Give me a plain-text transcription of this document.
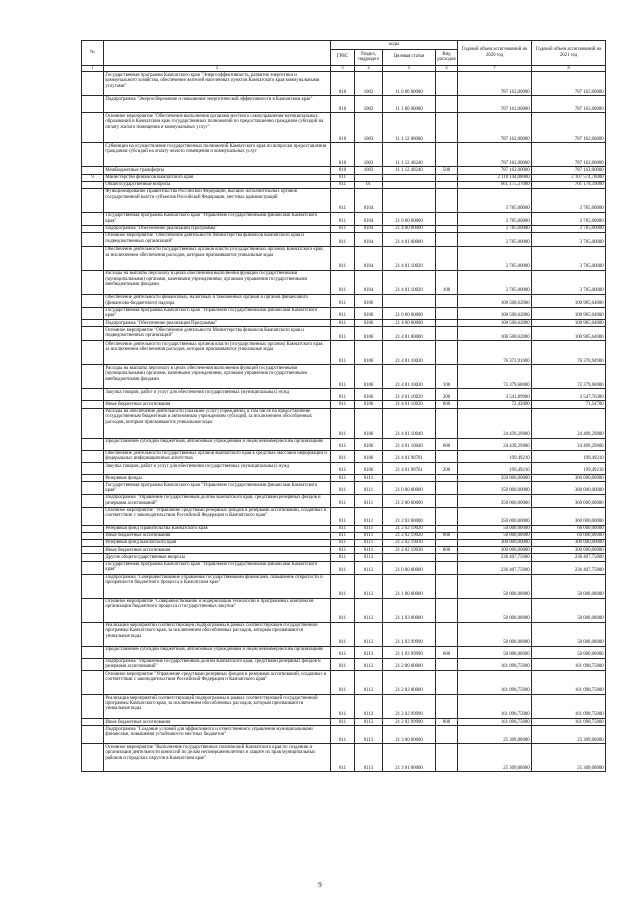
№		коды				Годовой объем ассигнований на 2020 год	Годовой объем ассигнований на 2021 год
		ГРБС	Раздел, подраздел	Целевая статья	Вид расходов		
1	2	3	4	5	6	7	8
	Государственная программа Камчатского края "Энергоэффективность, развитие энергетики и коммунального хозяйства, обеспечение жителей населенных пунктов Камчатского края коммунальными услугами"	810	1002	11 0 00 00000		787 162,00000	787 162,00000
	Подпрограмма "Энергосбережение и повышение энергетической эффективности в Камчатском крае"	810	1002	11 1 00 00000		787 162,00000	787 162,00000
	Основное мероприятие "Обеспечение выполнения органами местного самоуправления муниципальных образований в Камчатском крае государственных полномочий по предоставлению гражданам субсидий на оплату жилого помещения и коммунальных услуг"	810	1003	11 1 12 00000		787 162,00000	787 162,00000
	Субвенции на осуществление государственных полномочий Камчатского края по вопросам предоставления гражданам субсидий на оплату жилого помещения и коммунальных услуг	810	1003	11 1 12 40240		787 162,00000	787 162,00000
	Межбюджетные трансферты	810	1003	11 1 12 40240	500	787 162,00000	787 162,00000
9	Министерство финансов Камчатского края	811				2 118 144,08000	2 107 574,78000
	Общегосударственные вопросы	811	01			661 175,37000	701 178,39000
	Функционирование Правительства Российской Федерации, высших исполнительных органов государственной власти субъектов Российской Федерации, местных администраций	811	0104			3 785,00000	3 785,00000
	Государственная программа Камчатского края "Управление государственными финансами Камчатского края"	811	0104	21 0 00 00000		3 785,00000	3 785,00000
	Подпрограмма "Обеспечение реализации Программы"	811	0104	21 4 00 00000		3 785,00000	3 785,00000
	Основное мероприятие "Обеспечение деятельности Министерства финансов Камчатского края и подведомственных организаций"	811	0104	21 4 01 00000		3 785,00000	3 785,00000
	Обеспечение деятельности государственных органов власти (государственных органов) Камчатского края, за исключением обеспечения расходов, которым присваиваются уникальные коды	811	0104	21 4 01 10020		3 785,00000	3 785,00000
	Расходы на выплаты персоналу в целях обеспечения выполнения функций государственными (муниципальными) органами, казенными учреждениями, органами управления государственными внебюджетными фондами	811	0104	21 4 01 10020	100	3 785,00000	3 785,00000
	Обеспечение деятельности финансовых, налоговых и таможенных органов и органов финансового (финансово-бюджетного) надзора	811	0106			100 508,62000	100 985,64000
	Государственная программа Камчатского края "Управление государственными финансами Камчатского края"	811	0106	21 0 00 00000		100 508,62000	100 985,64000
	Подпрограмма "Обеспечение реализации Программы"	811	0106	21 4 00 00000		100 508,62000	100 985,64000
	Основное мероприятие "Обеспечение деятельности Министерства финансов Камчатского края и подведомственных организаций"	811	0106	21 4 01 00000		100 508,62000	100 985,64000
	Обеспечение деятельности государственных органов власти (государственных органов) Камчатского края, за исключением обеспечения расходов, которым присваиваются уникальные коды	811	0106	21 4 01 10020		76 373,91600	76 376,94900
	Расходы на выплаты персоналу в целях обеспечения выполнения функций государственными (муниципальными) органами, казенными учреждениями, органами управления государственными внебюджетными фондами	811	0106	21 4 01 10020	100	72 379,60000	72 379,60000
	Закупка товаров, работ и услуг для обеспечения государственных (муниципальных) нужд	811	0106	21 4 01 10020	200	3 541,89900	3 547,76300
	Иные бюджетные ассигнования	811	0106	21 4 01 10020	800	72,42000	71,54700
	Расходы на обеспечение деятельности (оказание услуг) учреждений, в том числе на предоставление государственным бюджетным и автономным учреждениям субсидий, за исключением обособленных расходов, которым присваиваются уникальные коды	811	0106	21 4 01 10040		24 439,29800	24 409,29800
	Предоставление субсидий бюджетным, автономным учреждениям и иным некоммерческим организациям	811	0106	21 4 01 10040	600	24 439,29800	24 409,29800
	Обеспечение деятельности государственных органов Камчатского края в средствах массовой информации и федеральных информационных агентствах	811	0106	21 4 01 98701		199,49210	199,49210
	Закупка товаров, работ и услуг для обеспечения государственных (муниципальных) нужд	811	0106	21 4 01 98701	200	199,49210	199,49210
	Резервные фонды	811	0111			350 000,00000	360 000,00000
	Государственная программа Камчатского края "Управление государственными финансами Камчатского края"	811	0111	21 0 00 00000		350 000,00000	360 000,00000
	Подпрограмма "Управление государственным долгом Камчатского края, средствами резервных фондов и резервами ассигнований"	811	0111	21 2 00 00000		350 000,00000	360 000,00000
	Основное мероприятие "Управление средствами резервных фондов и резервами ассигнований, созданных в соответствии с законодательством Российской Федерации и Камчатского края"	811	0111	21 2 02 00000		350 000,00000	360 000,00000
	Резервный фонд Правительства Камчатского края	811	0111	21 2 02 19020		50 000,00000	60 000,00000
	Иные бюджетные ассигнования	811	0111	21 2 02 19020	800	50 000,00000	60 000,00000
	Резервный фонд Камчатского края	811	0111	21 2 02 19030		300 000,00000	300 000,00000
	Иные бюджетные ассигнования	811	0111	21 2 02 19030	800	300 000,00000	300 000,00000
	Другие общегосударственные вопросы	811	0113			236 407,75000	236 407,75000
	Государственная программа Камчатского края "Управление государственными финансами Камчатского края"	811	0113	21 0 00 00000		236 407,75000	236 407,75000
	Подпрограмма "Совершенствование управления государственными финансами, повышение открытости и прозрачности бюджетного процесса в Камчатском крае"	811	0113	21 1 00 00000		50 000,00000	50 000,00000
	Основное мероприятие "Совершенствование и модернизация технологий и программных комплексов организации бюджетного процесса и государственных закупок"	811	0113	21 1 03 00000		50 000,00000	50 000,00000
	Реализация мероприятий соответствующей подпрограммы в рамках соответствующей государственной программы Камчатского края, за исключением обособленных расходов, которым присваиваются уникальные коды	811	0113	21 1 03 99990		50 000,00000	50 000,00000
	Предоставление субсидий бюджетным, автономным учреждениям и иным некоммерческим организациям	811	0113	21 1 03 99990	600	50 000,00000	50 000,00000
	Подпрограмма "Управление государственным долгом Камчатского края, средствами резервных фондов и резервами ассигнований"	811	0113	21 2 00 00000		161 098,75000	161 098,75000
	Основное мероприятие "Управление средствами резервных фондов и резервами ассигнований, созданных в соответствии с законодательством Российской Федерации и Камчатского края"	811	0113	21 2 02 00000		161 098,75000	161 098,75000
	Реализация мероприятий соответствующей подпрограммы в рамках соответствующей государственной программы Камчатского края, за исключением обособленных расходов, которым присваиваются уникальные коды	811	0113	21 2 02 99990		161 098,75000	161 098,75000
	Иные бюджетные ассигнования	811	0113	21 2 02 99990	800	161 098,75000	161 098,75000
	Подпрограмма "Создание условий для эффективного и ответственного управления муниципальными финансами, повышения устойчивости местных бюджетов"	811	0113	21 3 00 00000		25 309,00000	25 309,00000
	Основное мероприятие "Выполнение государственных полномочий Камчатского края по созданию и организации деятельности комиссий по делам несовершеннолетних и защите их прав муниципальных районов и городских округов в Камчатском крае"	811	0113	21 3 01 00000		25 309,00000	25 309,00000
9
